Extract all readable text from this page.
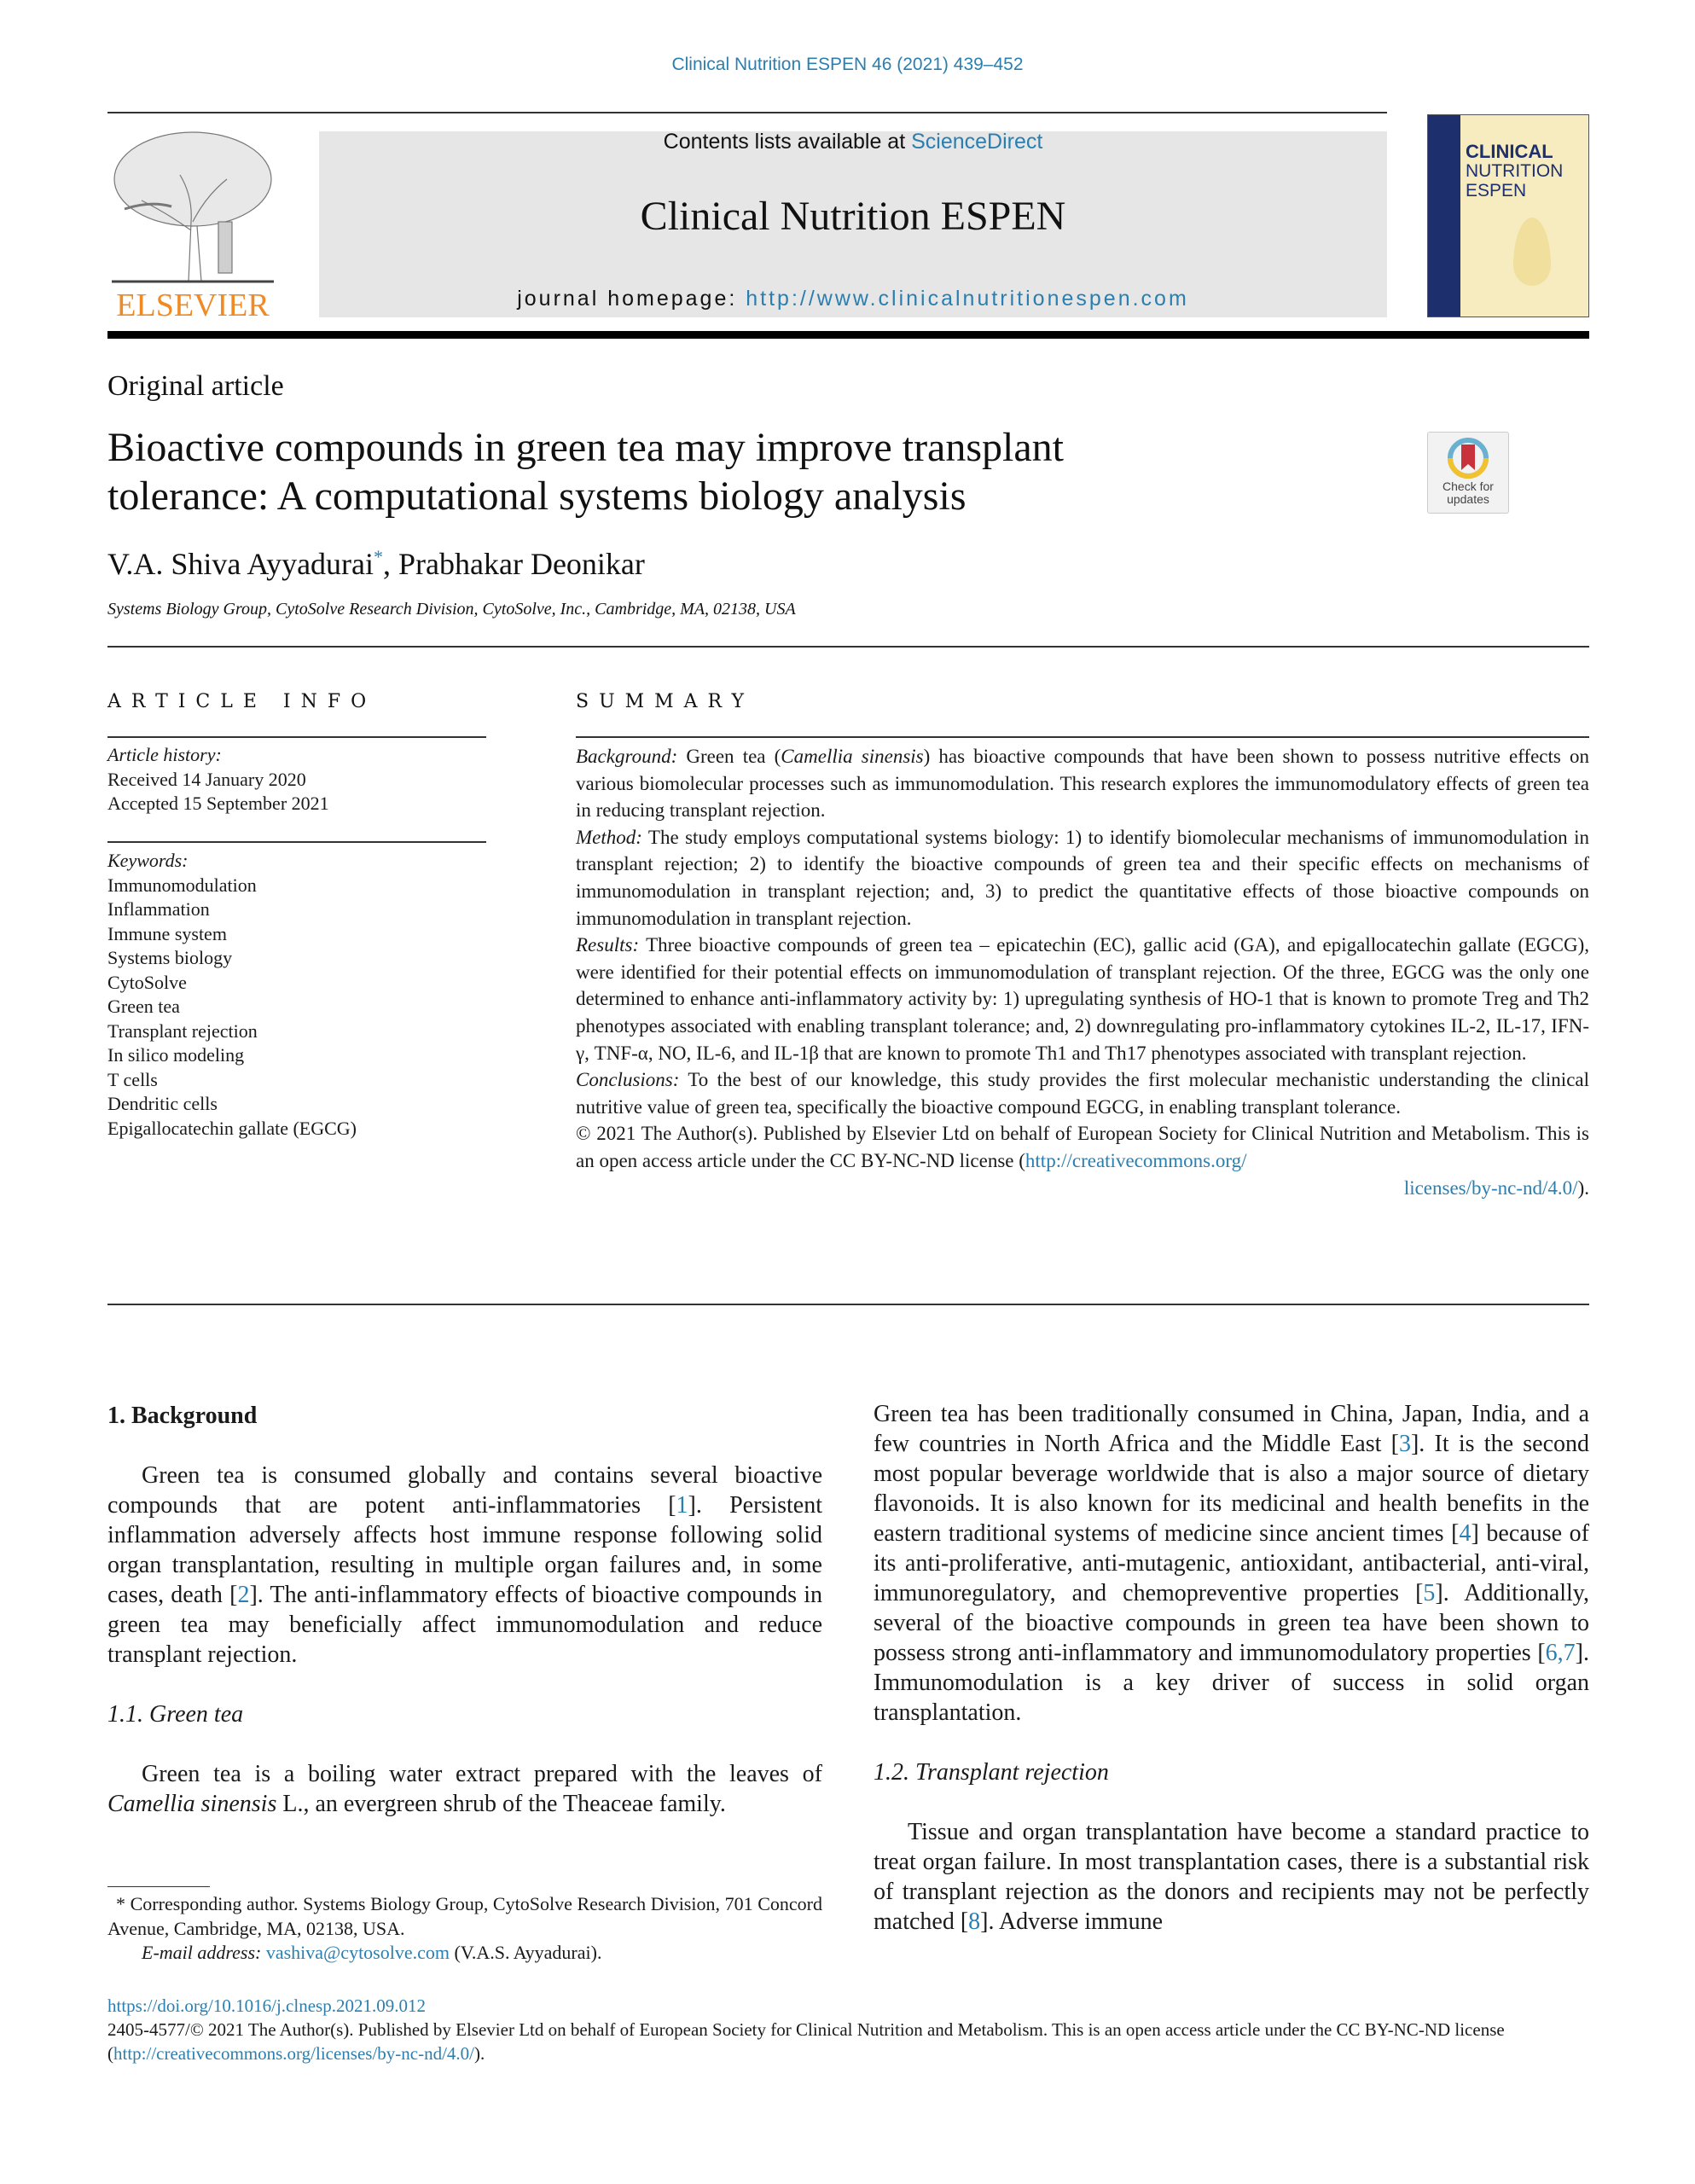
Clinical Nutrition ESPEN 46 (2021) 439–452
ELSEVIER
Contents lists available at ScienceDirect
Clinical Nutrition ESPEN
journal homepage: http://www.clinicalnutritionespen.com
CLINICAL
NUTRITION
ESPEN
Original article
Bioactive compounds in green tea may improve transplant
tolerance: A computational systems biology analysis	Check for
updates
V.A. Shiva Ayyadurai*, Prabhakar Deonikar
Systems Biology Group, CytoSolve Research Division, CytoSolve, Inc., Cambridge, MA, 02138, USA
ARTICLE INFO
Article history:
Received 14 January 2020
Accepted 15 September 2021
Keywords:
Immunomodulation
Inflammation
Immune system
Systems biology
CytoSolve
Green tea
Transplant rejection
In silico modeling
T cells
Dendritic cells
Epigallocatechin gallate (EGCG)
SUMMARY

Background: Green tea (Camellia sinensis) has bioactive compounds that have been shown to possess nutritive effects on various biomolecular processes such as immunomodulation. This research explores the immunomodulatory effects of green tea in reducing transplant rejection.

Method: The study employs computational systems biology: 1) to identify biomolecular mechanisms of immunomodulation in transplant rejection; 2) to identify the bioactive compounds of green tea and their specific effects on mechanisms of immunomodulation in transplant rejection; and, 3) to predict the quantitative effects of those bioactive compounds on immunomodulation in transplant rejection.

Results: Three bioactive compounds of green tea – epicatechin (EC), gallic acid (GA), and epigallocatechin gallate (EGCG), were identified for their potential effects on immunomodulation of transplant rejection. Of the three, EGCG was the only one determined to enhance anti-inflammatory activity by: 1) upregulating synthesis of HO-1 that is known to promote Treg and Th2 phenotypes associated with enabling transplant tolerance; and, 2) downregulating pro-inflammatory cytokines IL-2, IL-17, IFN-γ, TNF-α, NO, IL-6, and IL-1β that are known to promote Th1 and Th17 phenotypes associated with transplant rejection.

Conclusions: To the best of our knowledge, this study provides the first molecular mechanistic understanding the clinical nutritive value of green tea, specifically the bioactive compound EGCG, in enabling transplant tolerance.

© 2021 The Author(s). Published by Elsevier Ltd on behalf of European Society for Clinical Nutrition and Metabolism. This is an open access article under the CC BY-NC-ND license (http://creativecommons.org/

licenses/by-nc-nd/4.0/).

1. Background

Green tea is consumed globally and contains several bioactive compounds that are potent anti-inflammatories [1]. Persistent inflammation adversely affects host immune response following solid organ transplantation, resulting in multiple organ failures and, in some cases, death [2]. The anti-inflammatory effects of bioactive compounds in green tea may beneficially affect immunomodulation and reduce transplant rejection.

1.1. Green tea

Green tea is a boiling water extract prepared with the leaves of Camellia sinensis L., an evergreen shrub of the Theaceae family.

* Corresponding author. Systems Biology Group, CytoSolve Research Division, 701 Concord Avenue, Cambridge, MA, 02138, USA.

E-mail address: vashiva@cytosolve.com (V.A.S. Ayyadurai).

Green tea has been traditionally consumed in China, Japan, India, and a few countries in North Africa and the Middle East [3]. It is the second most popular beverage worldwide that is also a major source of dietary flavonoids. It is also known for its medicinal and health benefits in the eastern traditional systems of medicine since ancient times [4] because of its anti-proliferative, anti-mutagenic, antioxidant, antibacterial, anti-viral, immunoregulatory, and chemopreventive properties [5]. Additionally, several of the bioactive compounds in green tea have been shown to possess strong anti-inflammatory and immunomodulatory properties [6,7]. Immunomodulation is a key driver of success in solid organ transplantation.

1.2. Transplant rejection

Tissue and organ transplantation have become a standard practice to treat organ failure. In most transplantation cases, there is a substantial risk of transplant rejection as the donors and recipients may not be perfectly matched [8]. Adverse immune

https://doi.org/10.1016/j.clnesp.2021.09.012
2405-4577/© 2021 The Author(s). Published by Elsevier Ltd on behalf of European Society for Clinical Nutrition and Metabolism. This is an open access article under the CC BY-NC-ND license (http://creativecommons.org/licenses/by-nc-nd/4.0/).
